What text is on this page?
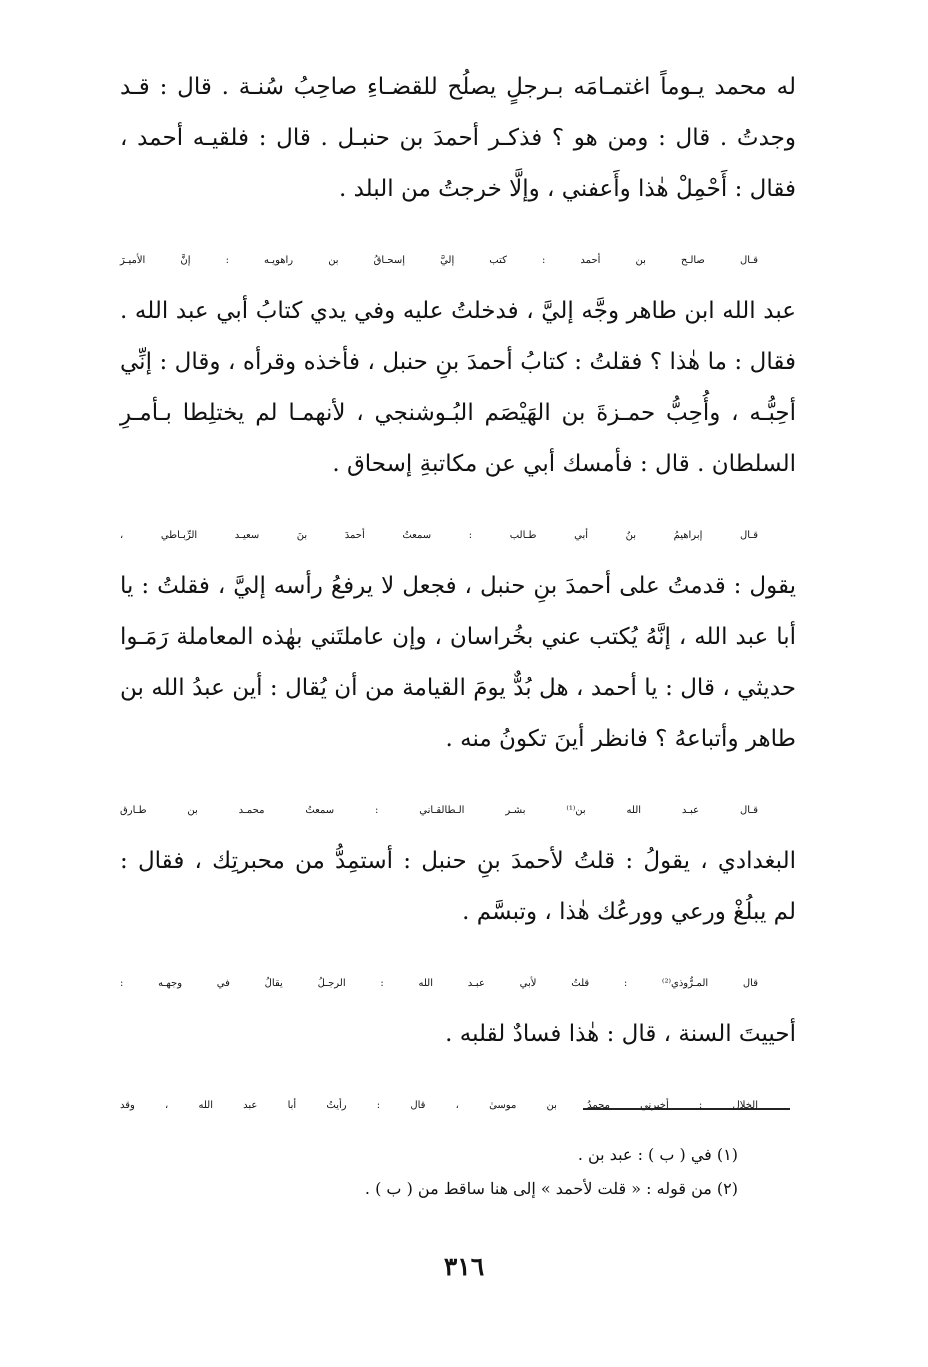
له محمد يـوماً اغتمـامَه بـرجلٍ يصلُح للقضـاءِ صاحِبُ سُنـة . قال : قـد
وجدتُ . قال : ومن هو ؟ فذكـر أحمدَ بن حنبـل . قال : فلقيـه أحمد ،
فقال : أَحْمِلْ هٰذا وأَعفني ، وإلَّا خرجتُ من البلد .

قـال صالـح بن أحمد : كتب إليَّ إسحـاقُ بن راهويـه : إنَّ الأميـرَ
عبد الله ابن طاهر وجَّه إليَّ ، فدخلتُ عليه وفي يدي كتابُ أبي عبد الله .
فقال : ما هٰذا ؟ فقلتُ : كتابُ أحمدَ بنِ حنبل ، فأخذه وقرأه ، وقال : إنِّي
أحِبُّـه ، وأُحِبُّ حمـزةَ بن الهَيْصَم البُـوشنجي ، لأنهمـا لم يختلِطا بـأمـرِ
السلطان . قال : فأمسك أبي عن مكاتبةِ إسحاق .

قـال إبراهيمُ بنُ أبي طـالب : سمعتُ أحمدَ بنَ سعيـد الرِّبـاطي ،
يقول : قدمتُ على أحمدَ بنِ حنبل ، فجعل لا يرفعُ رأسه إليَّ ، فقلتُ : يا
أبا عبد الله ، إنَّهُ يُكتب عني بخُراسان ، وإن عاملتَني بهٰذه المعاملة رَمَـوا
حديثي ، قال : يا أحمد ، هل بُدٌّ يومَ القيامة من أن يُقال : أين عبدُ الله بن
طاهر وأتباعهُ ؟ فانظر أينَ تكونُ منه .

قـال عبـد الله بن⁽¹⁾ بشـر الـطالقـاني : سمعتُ محمـد بن طـارق
البغدادي ، يقولُ : قلتُ لأحمدَ بنِ حنبل : أستمِدُّ من محبرتِك ، فقال :
لم يبلُغْ ورعي وورعُك هٰذا ، وتبسَّم .

قال المـرُّوذي⁽²⁾ : قلتُ لأبي عبـد الله : الرجـلُ يقالُ في وجهـه :
أحييتَ السنة ، قال : هٰذا فسادٌ لقلبه .

الخلال : أخبرني محمدُ بن موسىٰ ، قال : رأيتُ أبا عبد الله ، وقد

(١) في ( ب ) : عبد بن .
(٢) من قوله : « قلت لأحمد » إلى هنا ساقط من ( ب ) .
٣١٦
